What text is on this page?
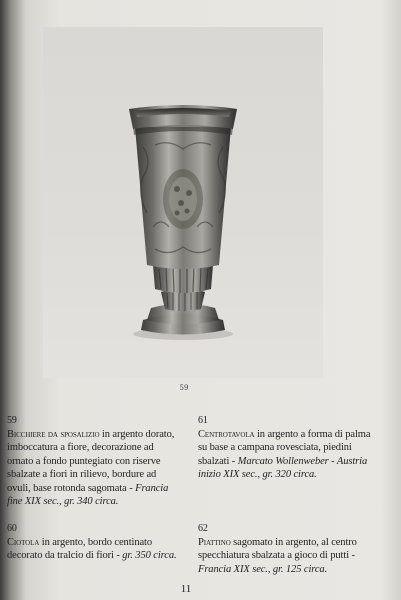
59
59
Bicchiere da sposalizio in argento dorato, imboccatura a fiore, decorazione ad ornato a fondo puntegiato con riserve sbalzate a fiori in rilievo, bordure ad ovuli, base rotonda sagomata - Francia fine XIX sec., gr. 340 circa.
60
Ciotola in argento, bordo centinato decorato da tralcio di fiori - gr. 350 circa.
61
Centrotavola in argento a forma di palma su base a campana rovesciata, piedini sbalzati - Marcato Wollenweber - Austria inizio XIX sec., gr. 320 circa.
62
Piattino sagomato in argento, al centro specchiatura sbalzata a gioco di putti - Francia XIX sec., gr. 125 circa.
11
